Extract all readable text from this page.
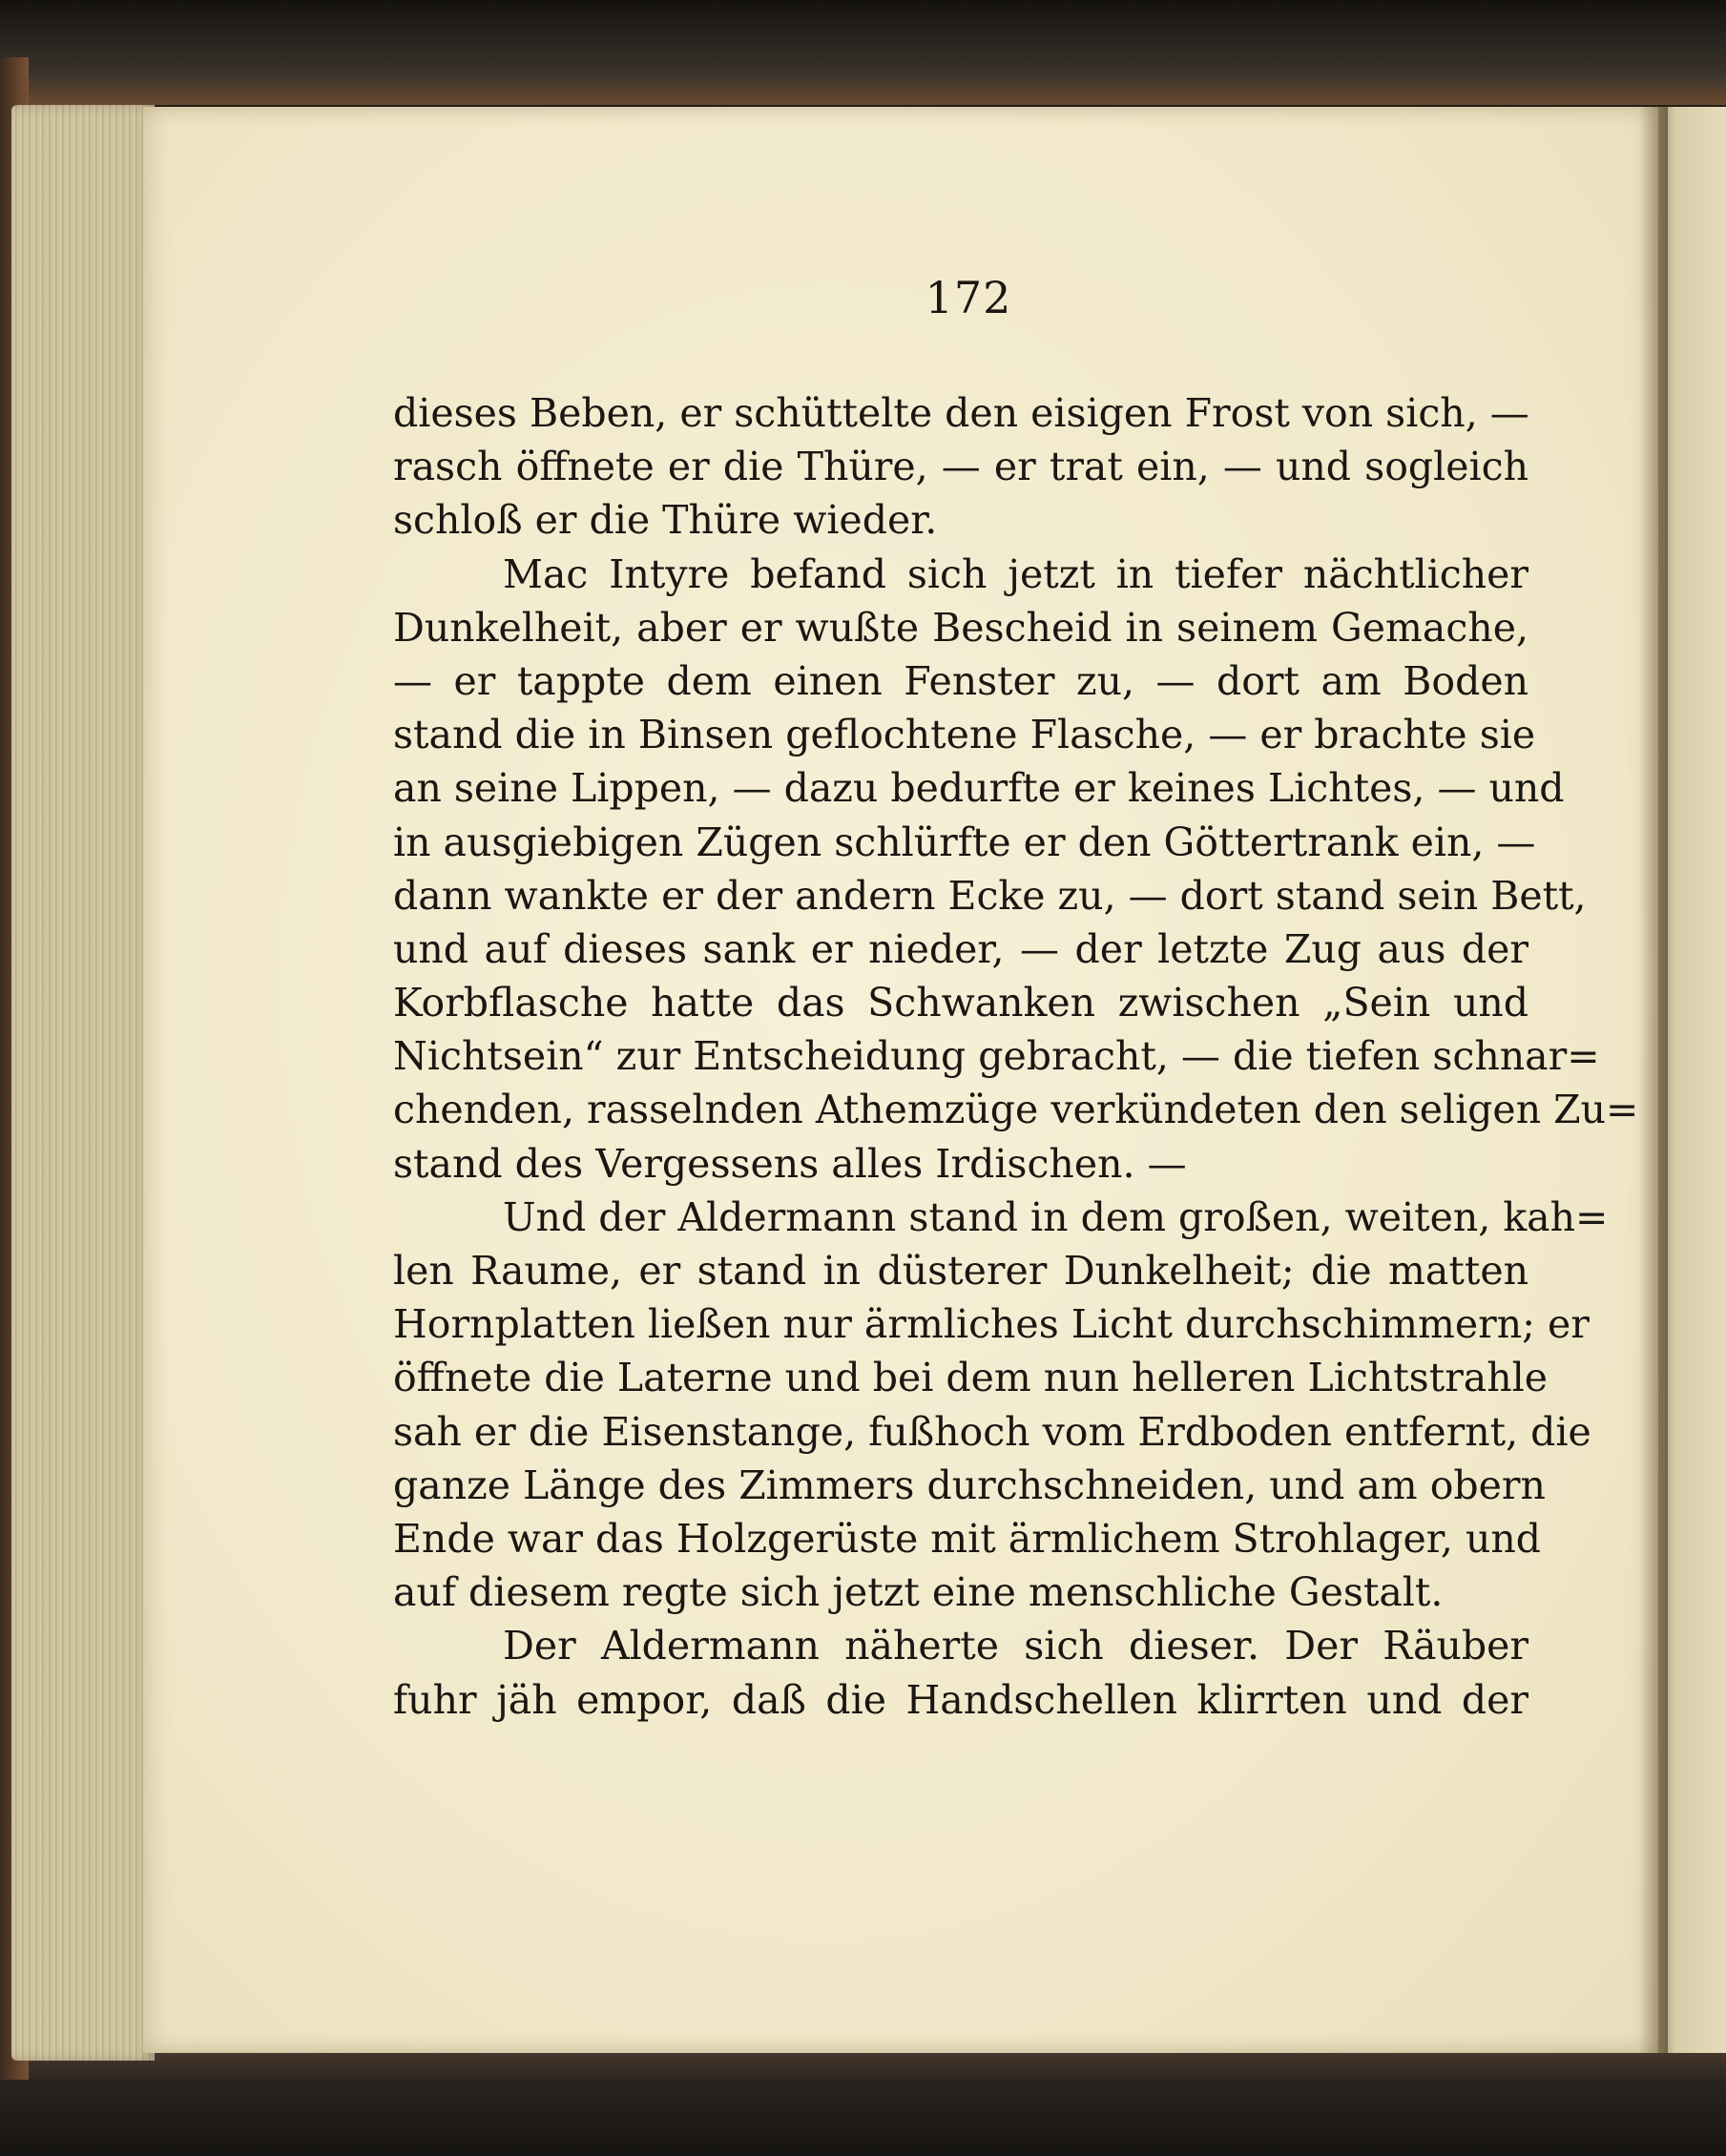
172
dieses Beben, er schüttelte den eisigen Frost von sich, —
rasch öffnete er die Thüre, — er trat ein, — und sogleich
schloß er die Thüre wieder.
Mac Intyre befand sich jetzt in tiefer nächtlicher
Dunkelheit, aber er wußte Bescheid in seinem Gemache,
— er tappte dem einen Fenster zu, — dort am Boden
stand die in Binsen geflochtene Flasche, — er brachte sie
an seine Lippen, — dazu bedurfte er keines Lichtes, — und
in ausgiebigen Zügen schlürfte er den Göttertrank ein, —
dann wankte er der andern Ecke zu, — dort stand sein Bett,
und auf dieses sank er nieder, — der letzte Zug aus der
Korbflasche hatte das Schwanken zwischen „Sein und
Nichtsein“ zur Entscheidung gebracht, — die tiefen schnar=
chenden, rasselnden Athemzüge verkündeten den seligen Zu=
stand des Vergessens alles Irdischen. —
Und der Aldermann stand in dem großen, weiten, kah=
len Raume, er stand in düsterer Dunkelheit; die matten
Hornplatten ließen nur ärmliches Licht durchschimmern; er
öffnete die Laterne und bei dem nun helleren Lichtstrahle
sah er die Eisenstange, fußhoch vom Erdboden entfernt, die
ganze Länge des Zimmers durchschneiden, und am obern
Ende war das Holzgerüste mit ärmlichem Strohlager, und
auf diesem regte sich jetzt eine menschliche Gestalt.
Der Aldermann näherte sich dieser. Der Räuber
fuhr jäh empor, daß die Handschellen klirrten und der
